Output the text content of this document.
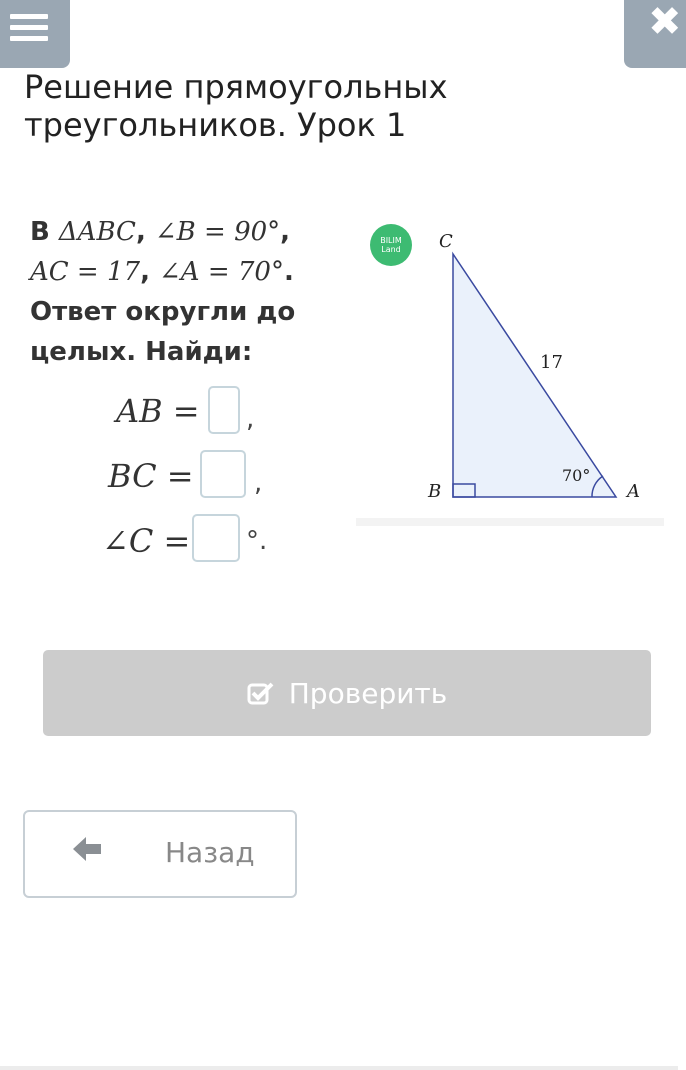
✖
Решение прямоугольных треугольников. Урок 1
В ΔABC, ∠B = 90°,
AC = 17, ∠A = 70°.
Ответ округли до целых. Найди:
AB = ,
BC = ,
∠C = °.
BILIM Land	C
B	A
17
70°
Проверить
Назад
